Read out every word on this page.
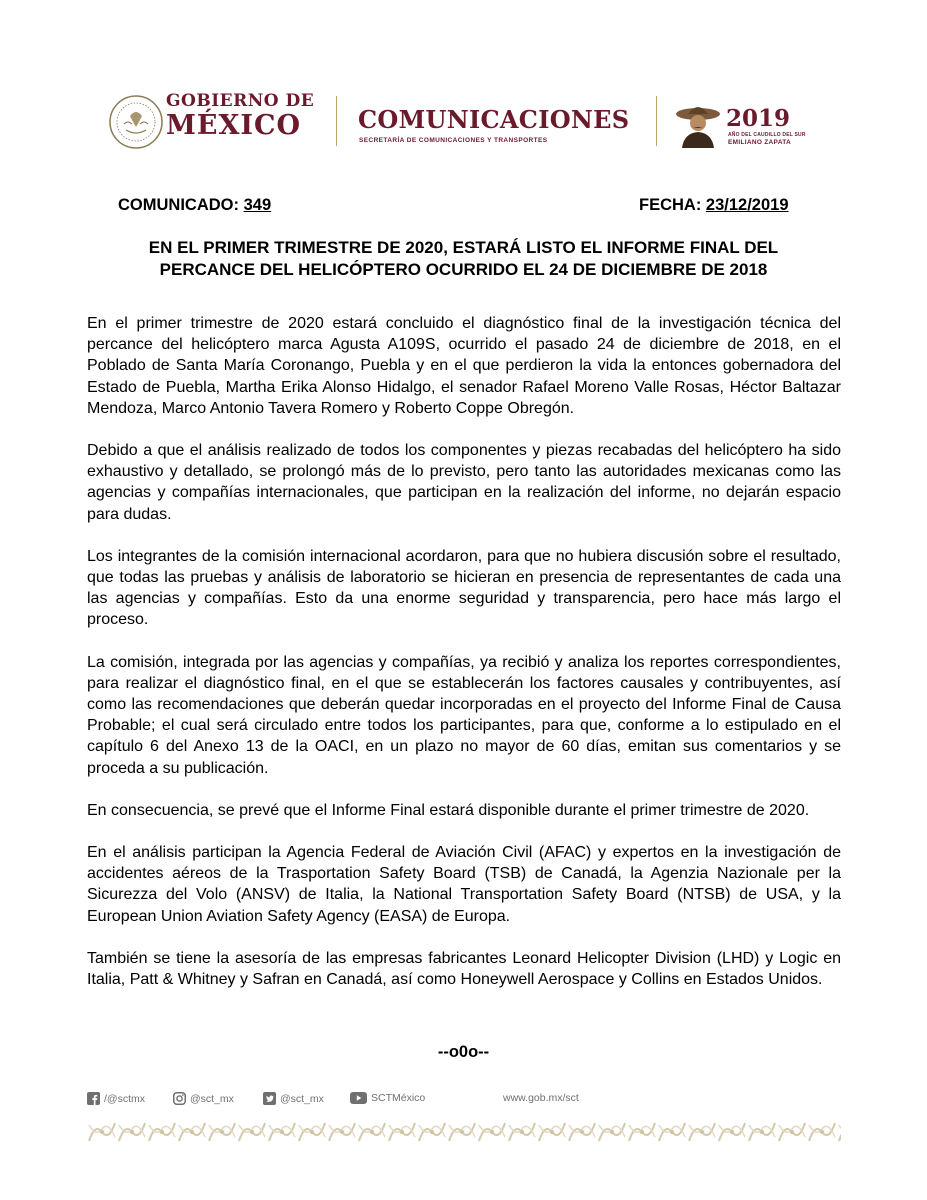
GOBIERNO DE
MÉXICO	COMUNICACIONES
SECRETARÍA DE COMUNICACIONES Y TRANSPORTES
2019
AÑO DEL CAUDILLO DEL SUR
EMILIANO ZAPATA
COMUNICADO: 349	FECHA: 23/12/2019
EN EL PRIMER TRIMESTRE DE 2020, ESTARÁ LISTO EL INFORME FINAL DEL
PERCANCE DEL HELICÓPTERO OCURRIDO EL 24 DE DICIEMBRE DE 2018

En el primer trimestre de 2020 estará concluido el diagnóstico final de la investigación técnica del percance del helicóptero marca Agusta A109S, ocurrido el pasado 24 de diciembre de 2018, en el Poblado de Santa María Coronango, Puebla y en el que perdieron la vida la entonces gobernadora del Estado de Puebla, Martha Erika Alonso Hidalgo, el senador Rafael Moreno Valle Rosas, Héctor Baltazar Mendoza, Marco Antonio Tavera Romero y Roberto Coppe Obregón.

Debido a que el análisis realizado de todos los componentes y piezas recabadas del helicóptero ha sido exhaustivo y detallado, se prolongó más de lo previsto, pero tanto las autoridades mexicanas como las agencias y compañías internacionales, que participan en la realización del informe, no dejarán espacio para dudas.

Los integrantes de la comisión internacional acordaron, para que no hubiera discusión sobre el resultado, que todas las pruebas y análisis de laboratorio se hicieran en presencia de representantes de cada una las agencias y compañías. Esto da una enorme seguridad y transparencia, pero hace más largo el proceso.

La comisión, integrada por las agencias y compañías, ya recibió y analiza los reportes correspondientes, para realizar el diagnóstico final, en el que se establecerán los factores causales y contribuyentes, así como las recomendaciones que deberán quedar incorporadas en el proyecto del Informe Final de Causa Probable; el cual será circulado entre todos los participantes, para que, conforme a lo estipulado en el capítulo 6 del Anexo 13 de la OACI, en un plazo no mayor de 60 días, emitan sus comentarios y se proceda a su publicación.

En consecuencia, se prevé que el Informe Final estará disponible durante el primer trimestre de 2020.

En el análisis participan la Agencia Federal de Aviación Civil (AFAC) y expertos en la investigación de accidentes aéreos de la Trasportation Safety Board (TSB) de Canadá, la Agenzia Nazionale per la Sicurezza del Volo (ANSV) de Italia, la National Transportation Safety Board (NTSB) de USA, y la European Union Aviation Safety Agency (EASA) de Europa.

También se tiene la asesoría de las empresas fabricantes Leonard Helicopter Division (LHD) y Logic en Italia, Patt & Whitney y Safran en Canadá, así como Honeywell Aerospace y Collins en Estados Unidos.

--o0o--
/@sctmx	@sct_mx	@sct_mx	SCTMéxico	www.gob.mx/sct
